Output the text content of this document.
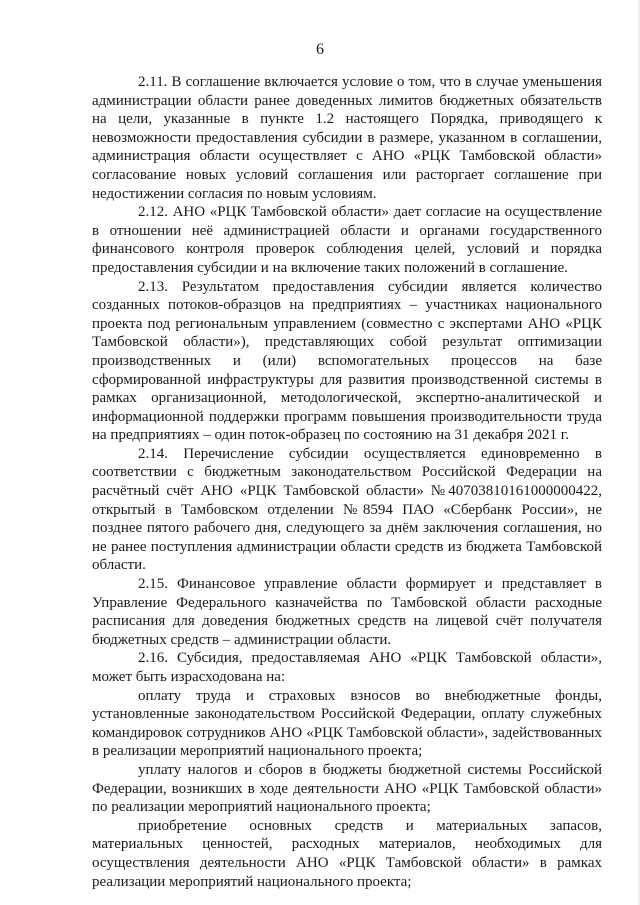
6

2.11. В соглашение включается условие о том, что в случае уменьшения администрации области ранее доведенных лимитов бюджетных обязательств на цели, указанные в пункте 1.2 настоящего Порядка, приводящего к невозможности предоставления субсидии в размере, указанном в соглашении, администрация области осуществляет с АНО «РЦК Тамбовской области» согласование новых условий соглашения или расторгает соглашение при недостижении согласия по новым условиям.

2.12. АНО «РЦК Тамбовской области» дает согласие на осуществление в отношении неё администрацией области и органами государственного финансового контроля проверок соблюдения целей, условий и порядка предоставления субсидии и на включение таких положений в соглашение.

2.13. Результатом предоставления субсидии является количество созданных потоков-образцов на предприятиях – участниках национального проекта под региональным управлением (совместно с экспертами АНО «РЦК Тамбовской области»), представляющих собой результат оптимизации производственных и (или) вспомогательных процессов на базе сформированной инфраструктуры для развития производственной системы в рамках организационной, методологической, экспертно-аналитической и информационной поддержки программ повышения производительности труда на предприятиях – один поток-образец по состоянию на 31 декабря 2021 г.

2.14. Перечисление субсидии осуществляется единовременно в соответствии с бюджетным законодательством Российской Федерации на расчётный счёт АНО «РЦК Тамбовской области» №40703810161000000422, открытый в Тамбовском отделении №8594 ПАО «Сбербанк России», не позднее пятого рабочего дня, следующего за днём заключения соглашения, но не ранее поступления администрации области средств из бюджета Тамбовской области.

2.15. Финансовое управление области формирует и представляет в Управление Федерального казначейства по Тамбовской области расходные расписания для доведения бюджетных средств на лицевой счёт получателя бюджетных средств – администрации области.

2.16. Субсидия, предоставляемая АНО «РЦК Тамбовской области», может быть израсходована на:

оплату труда и страховых взносов во внебюджетные фонды, установленные законодательством Российской Федерации, оплату служебных командировок сотрудников АНО «РЦК Тамбовской области», задействованных в реализации мероприятий национального проекта;

уплату налогов и сборов в бюджеты бюджетной системы Российской Федерации, возникших в ходе деятельности АНО «РЦК Тамбовской области» по реализации мероприятий национального проекта;

приобретение основных средств и материальных запасов, материальных ценностей, расходных материалов, необходимых для осуществления деятельности АНО «РЦК Тамбовской области» в рамках реализации мероприятий национального проекта;
